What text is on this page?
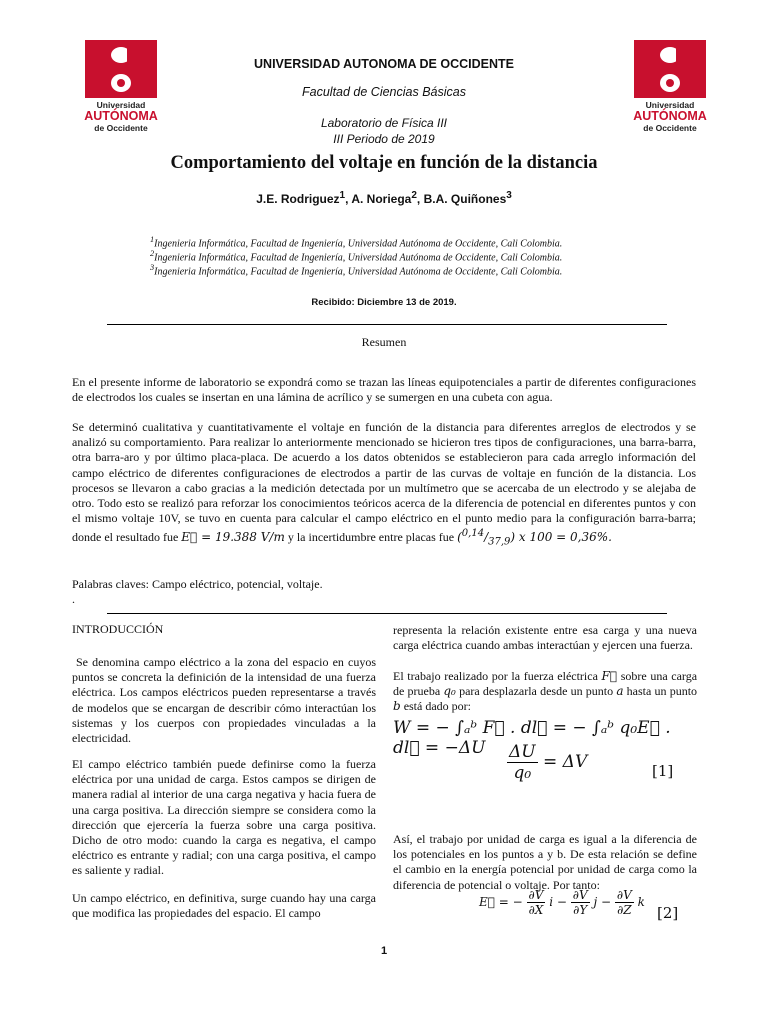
Universidad
AUTÓNOMA
de Occidente
Universidad
AUTÓNOMA
de Occidente
UNIVERSIDAD AUTONOMA DE OCCIDENTE
Facultad de Ciencias Básicas
Laboratorio de Física III
III Periodo de 2019
Comportamiento del voltaje en función de la distancia
J.E. Rodriguez$^1$, A. Noriega$^2$, B.A. Quiñones$^3$
$^1$Ingenieria Informática, Facultad de Ingeniería, Universidad Autónoma de Occidente, Cali Colombia.
$^2$Ingenieria Informática, Facultad de Ingeniería, Universidad Autónoma de Occidente, Cali Colombia.
$^3$Ingenieria Informática, Facultad de Ingeniería, Universidad Autónoma de Occidente, Cali Colombia.
Recibido: Diciembre 13 de 2019.
Resumen
En el presente informe de laboratorio se expondrá como se trazan las líneas equipotenciales a partir de diferentes configuraciones de electrodos los cuales se insertan en una lámina de acrílico y se sumergen en una cubeta con agua.
Se determinó cualitativa y cuantitativamente el voltaje en función de la distancia para diferentes arreglos de electrodos y se analizó su comportamiento. Para realizar lo anteriormente mencionado se hicieron tres tipos de configuraciones, una barra-barra, otra barra-aro y por último placa-placa. De acuerdo a los datos obtenidos se establecieron para cada arreglo información del campo eléctrico de diferentes configuraciones de electrodos a partir de las curvas de voltaje en función de la distancia. Los procesos se llevaron a cabo gracias a la medición detectada por un multímetro que se acercaba de un electrodo y se alejaba de otro. Todo esto se realizó para reforzar los conocimientos teóricos acerca de la diferencia de potencial en diferentes puntos y con el mismo voltaje 10V, se tuvo en cuenta para calcular el campo eléctrico en el punto medio para la configuración barra-barra; donde el resultado fue E⃗ = 19.388 V/m y la incertidumbre entre placas fue $(^{0,14}/_{37,9})$ x 100 = 0,36%.
Palabras claves: Campo eléctrico, potencial, voltaje.
.
INTRODUCCIÓN
Se denomina campo eléctrico a la zona del espacio en cuyos puntos se concreta la definición de la intensidad de una fuerza eléctrica. Los campos eléctricos pueden representarse a través de modelos que se encargan de describir cómo interactúan los sistemas y los cuerpos con propiedades vinculadas a la electricidad.
El campo eléctrico también puede definirse como la fuerza eléctrica por una unidad de carga. Estos campos se dirigen de manera radial al interior de una carga negativa y hacia fuera de una carga positiva. La dirección siempre se considera como la dirección que ejercería la fuerza sobre una carga positiva. Dicho de otro modo: cuando la carga es negativa, el campo eléctrico es entrante y radial; con una carga positiva, el campo es saliente y radial.
Un campo eléctrico, en definitiva, surge cuando hay una carga que modifica las propiedades del espacio. El campo
representa la relación existente entre esa carga y una nueva carga eléctrica cuando ambas interactúan y ejercen una fuerza.
El trabajo realizado por la fuerza eléctrica F⃗ sobre una carga de prueba q₀ para desplazarla desde un punto a hasta un punto b está dado por:
W = − ∫ₐᵇ F⃗ . dl⃗ = − ∫ₐᵇ q₀E⃗ . dl⃗ = −ΔU	$\frac{\Delta U}{\text{q₀}} = \Delta V$	[1]
Así, el trabajo por unidad de carga es igual a la diferencia de los potenciales en los puntos a y b. De esta relación se define el cambio en la energía potencial por unidad de carga como la diferencia de potencial o voltaje. Por tanto:
E⃗ = − $\frac{\partial V}{\partial X}$ $i - \frac{\partial V}{\partial Y}$ $j - \frac{\partial V}{\partial Z}$ k
[2]
1
